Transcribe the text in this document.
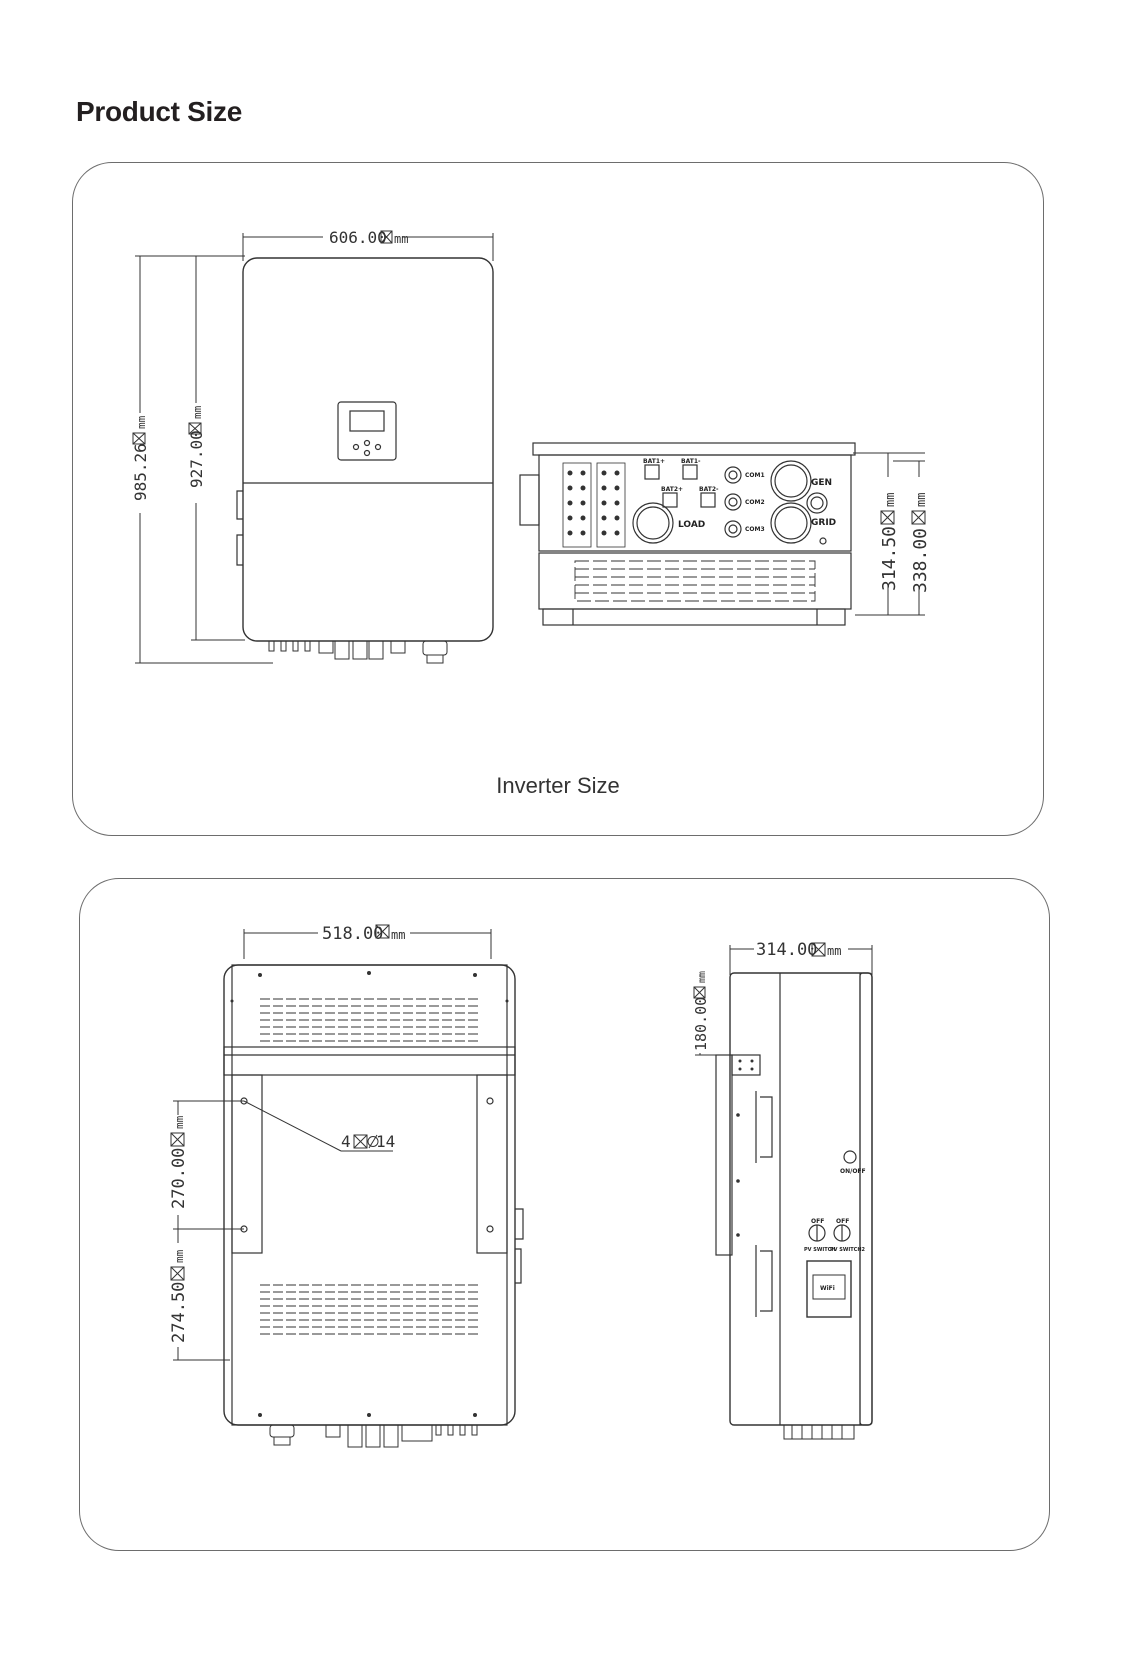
Product Size
606.00 mm
985.26
mm
927.00
mm
314.50
mm
338.00
mm
BAT1+	BAT1-
BAT2+	BAT2-
LOAD
COM1
COM2
COM3
GEN
GRID
Inverter Size
518.00 mm
4 14
270.00
mm
274.50
mm
314.00 mm
180.00
mm
ON/OFF
OFF OFF
PV SWITCH
PV SWITCH2
WiFi
